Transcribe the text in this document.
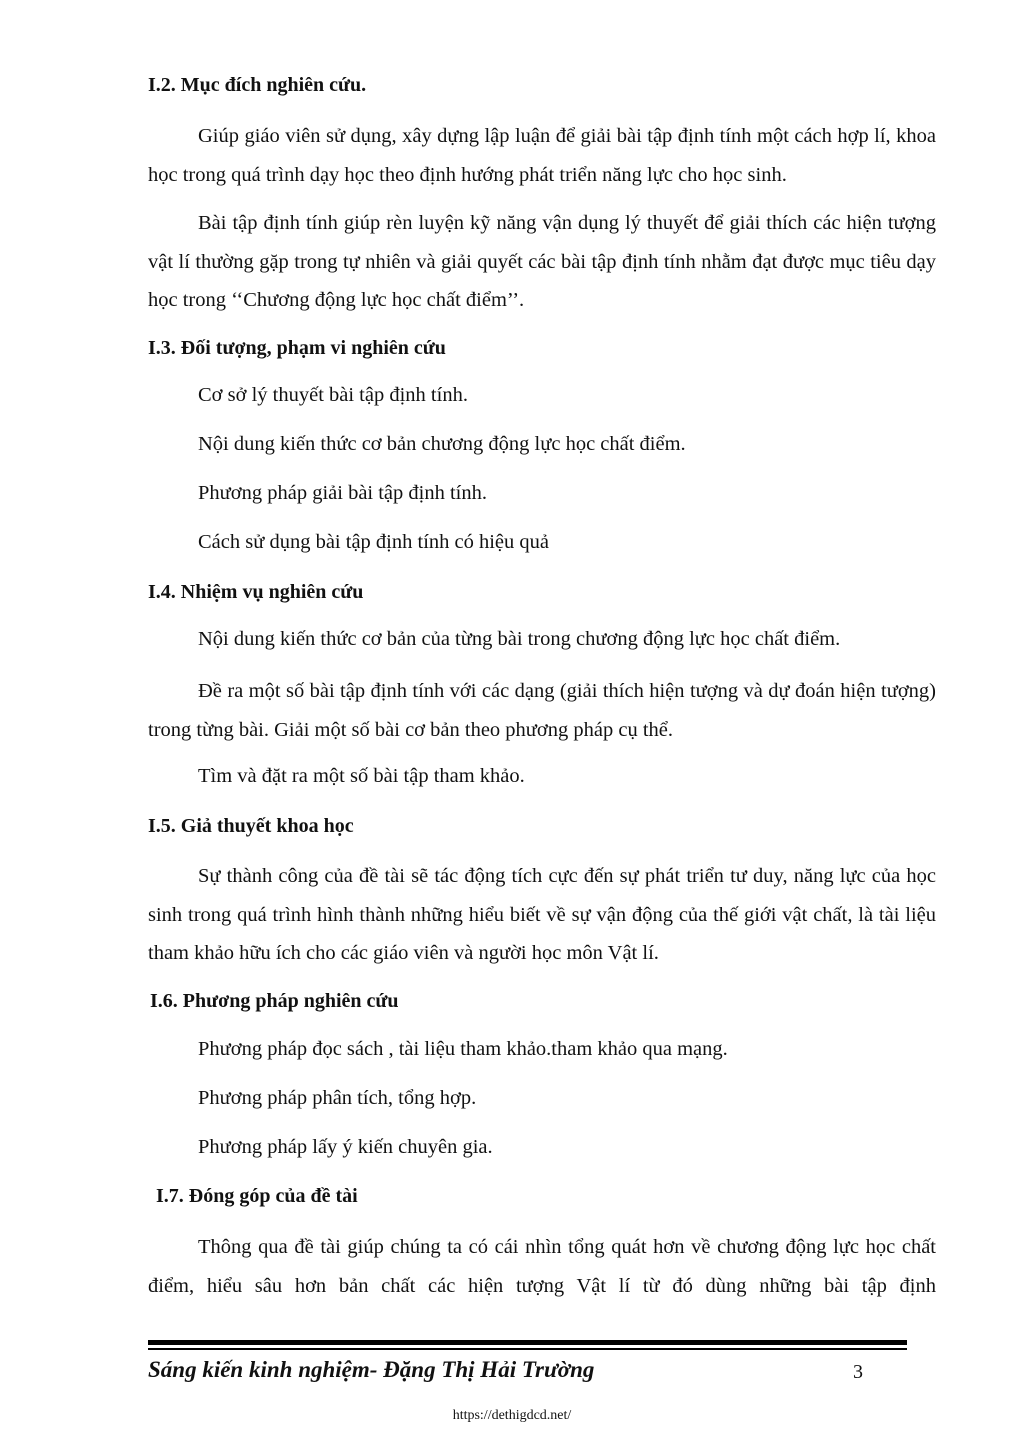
I.2. Mục đích nghiên cứu.

Giúp giáo viên sử dụng, xây dựng lập luận để giải bài tập định tính một cách hợp lí, khoa học trong quá trình dạy học theo định hướng phát triển năng lực cho học sinh.

Bài tập định tính giúp rèn luyện kỹ năng vận dụng lý thuyết để giải thích các hiện tượng vật lí thường gặp trong tự nhiên và giải quyết các bài tập định tính nhằm đạt được mục tiêu dạy học trong ‘‘Chương động lực học chất điểm’’.

I.3. Đối tượng, phạm vi nghiên cứu

Cơ sở lý thuyết bài tập định tính.

Nội dung kiến thức cơ bản chương động lực học chất điểm.

Phương pháp giải bài tập định tính.

Cách sử dụng bài tập định tính có hiệu quả

I.4. Nhiệm vụ nghiên cứu

Nội dung kiến thức cơ bản của từng bài trong chương động lực học chất điểm.

Đề ra một số bài tập định tính với các dạng (giải thích hiện tượng và dự đoán hiện tượng) trong từng bài. Giải một số bài cơ bản theo phương pháp cụ thể.

Tìm và đặt ra một số bài tập tham khảo.

I.5. Giả thuyết khoa học

Sự thành công của đề tài sẽ tác động tích cực đến sự phát triển tư duy, năng lực của học sinh trong quá trình hình thành những hiểu biết về sự vận động của thế giới vật chất, là tài liệu tham khảo hữu ích cho các giáo viên và người học môn Vật lí.

I.6. Phương pháp nghiên cứu

Phương pháp đọc sách , tài liệu tham khảo.tham khảo qua mạng.

Phương pháp phân tích, tổng hợp.

Phương pháp lấy ý kiến chuyên gia.

I.7. Đóng góp của đề tài

Thông qua đề tài giúp chúng ta có cái nhìn tổng quát hơn về chương động lực học chất điểm, hiểu sâu hơn bản chất các hiện tượng Vật lí từ đó dùng những bài tập định

Sáng kiến kinh nghiệm- Đặng Thị Hải Trường	3
https://dethigdcd.net/
